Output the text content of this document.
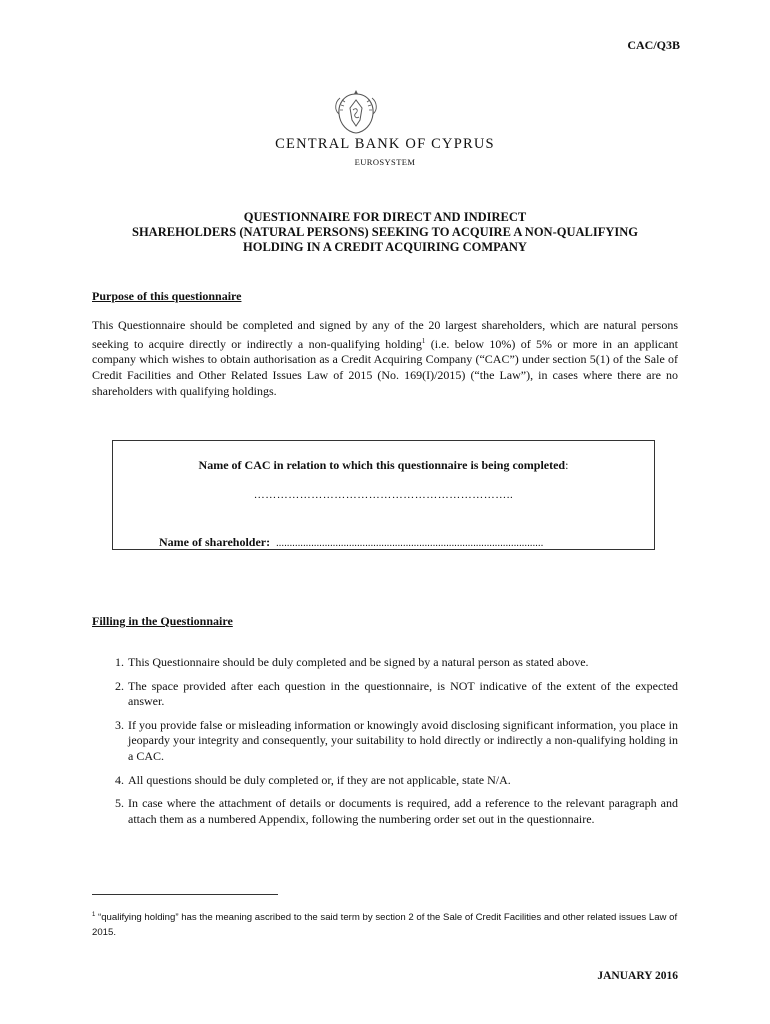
CAC/Q3B
CENTRAL BANK OF CYPRUS
EUROSYSTEM
QUESTIONNAIRE FOR DIRECT AND INDIRECT
SHAREHOLDERS (NATURAL PERSONS) SEEKING TO ACQUIRE A NON-QUALIFYING
HOLDING IN A CREDIT ACQUIRING COMPANY
Purpose of this questionnaire
This Questionnaire should be completed and signed by any of the 20 largest shareholders, which are natural persons seeking to acquire directly or indirectly a non-qualifying holding$^1$ (i.e. below 10%) of 5% or more in an applicant company which wishes to obtain authorisation as a Credit Acquiring Company (“CAC”) under section 5(1) of the Sale of Credit Facilities and Other Related Issues Law of 2015 (No. 169(I)/2015) (“the Law”), in cases where there are no shareholders with qualifying holdings.
Name of CAC in relation to which this questionnaire is being completed:
…………………………………………………………..
Name of shareholder: ...................................................................................................
Filling in the Questionnaire
1. This Questionnaire should be duly completed and be signed by a natural person as stated above.
2. The space provided after each question in the questionnaire, is NOT indicative of the extent of the expected answer.
3. If you provide false or misleading information or knowingly avoid disclosing significant information, you place in jeopardy your integrity and consequently, your suitability to hold directly or indirectly a non-qualifying holding in a CAC.
4. All questions should be duly completed or, if they are not applicable, state N/A.
5. In case where the attachment of details or documents is required, add a reference to the relevant paragraph and attach them as a numbered Appendix, following the numbering order set out in the questionnaire.
$^1$ “qualifying holding” has the meaning ascribed to the said term by section 2 of the Sale of Credit Facilities and other related issues Law of 2015.
JANUARY 2016
